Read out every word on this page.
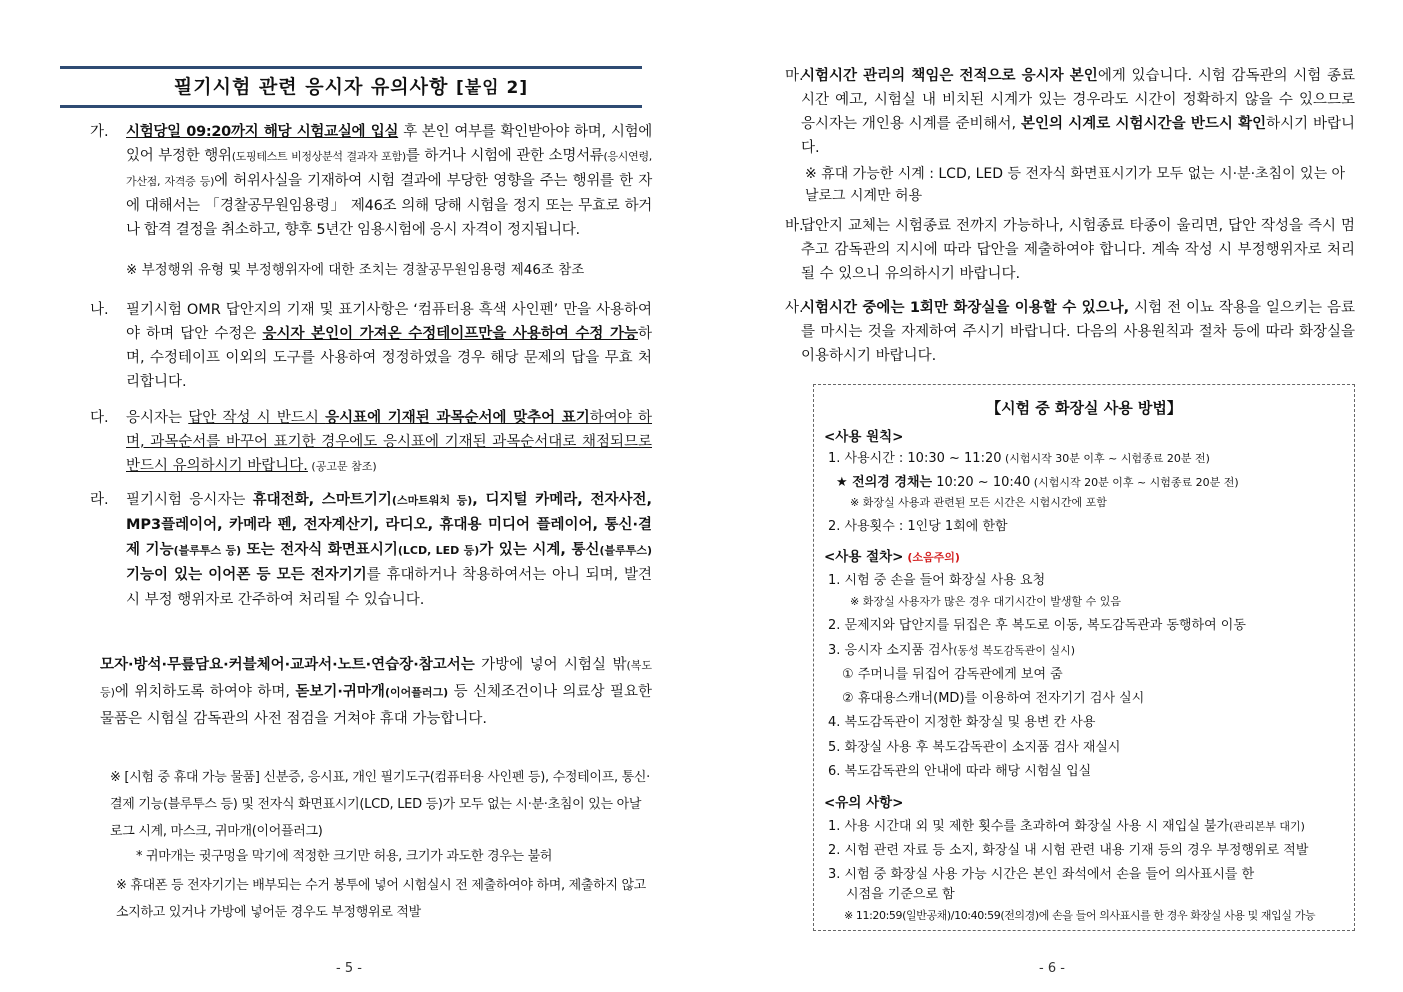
필기시험 관련 응시자 유의사항 [붙임 2]
가. 시험당일 09:20까지 해당 시험교실에 입실 후 본인 여부를 확인받아야 하며, 시험에 있어 부정한 행위(도핑테스트 비정상분석 결과자 포함)를 하거나 시험에 관한 소명서류(응시연령, 가산점, 자격증 등)에 허위사실을 기재하여 시험 결과에 부당한 영향을 주는 행위를 한 자에 대해서는 「경찰공무원임용령」 제46조 의해 당해 시험을 정지 또는 무효로 하거나 합격 결정을 취소하고, 향후 5년간 임용시험에 응시 자격이 정지됩니다.
※ 부정행위 유형 및 부정행위자에 대한 조치는 경찰공무원임용령 제46조 참조
나. 필기시험 OMR 답안지의 기재 및 표기사항은 ‘컴퓨터용 흑색 사인펜’ 만을 사용하여야 하며 답안 수정은 응시자 본인이 가져온 수정테이프만을 사용하여 수정 가능하며, 수정테이프 이외의 도구를 사용하여 정정하였을 경우 해당 문제의 답을 무효 처리합니다.
다. 응시자는 답안 작성 시 반드시 응시표에 기재된 과목순서에 맞추어 표기하여야 하며, 과목순서를 바꾸어 표기한 경우에도 응시표에 기재된 과목순서대로 채점되므로 반드시 유의하시기 바랍니다. (공고문 참조)
라. 필기시험 응시자는 휴대전화, 스마트기기(스마트워치 등), 디지털 카메라, 전자사전, MP3플레이어, 카메라 펜, 전자계산기, 라디오, 휴대용 미디어 플레이어, 통신·결제 기능(블루투스 등) 또는 전자식 화면표시기(LCD, LED 등)가 있는 시계, 통신(블루투스) 기능이 있는 이어폰 등 모든 전자기기를 휴대하거나 착용하여서는 아니 되며, 발견 시 부정 행위자로 간주하여 처리될 수 있습니다.
모자·방석·무릎담요·커블체어·교과서·노트·연습장·참고서는 가방에 넣어 시험실 밖(복도 등)에 위치하도록 하여야 하며, 돋보기·귀마개(이어플러그) 등 신체조건이나 의료상 필요한 물품은 시험실 감독관의 사전 점검을 거쳐야 휴대 가능합니다.
※ [시험 중 휴대 가능 물품] 신분증, 응시표, 개인 필기도구(컴퓨터용 사인펜 등), 수정테이프, 통신·결제 기능(블루투스 등) 및 전자식 화면표시기(LCD, LED 등)가 모두 없는 시·분·초침이 있는 아날로그 시계, 마스크, 귀마개(이어플러그)
* 귀마개는 귓구멍을 막기에 적정한 크기만 허용, 크기가 과도한 경우는 불허
※ 휴대폰 등 전자기기는 배부되는 수거 봉투에 넣어 시험실시 전 제출하여야 하며, 제출하지 않고 소지하고 있거나 가방에 넣어둔 경우도 부정행위로 적발
- 5 -
마.
시험시간 관리의 책임은 전적으로 응시자 본인에게 있습니다. 시험 감독관의 시험 종료시간 예고, 시험실 내 비치된 시계가 있는 경우라도 시간이 정확하지 않을 수 있으므로 응시자는 개인용 시계를 준비해서, 본인의 시계로 시험시간을 반드시 확인하시기 바랍니다.
※ 휴대 가능한 시계 : LCD, LED 등 전자식 화면표시기가 모두 없는 시·분·초침이 있는 아날로그 시계만 허용
바.
답안지 교체는 시험종료 전까지 가능하나, 시험종료 타종이 울리면, 답안 작성을 즉시 멈추고 감독관의 지시에 따라 답안을 제출하여야 합니다. 계속 작성 시 부정행위자로 처리될 수 있으니 유의하시기 바랍니다.
사.
시험시간 중에는 1회만 화장실을 이용할 수 있으나, 시험 전 이뇨 작용을 일으키는 음료를 마시는 것을 자제하여 주시기 바랍니다. 다음의 사용원칙과 절차 등에 따라 화장실을 이용하시기 바랍니다.
【시험 중 화장실 사용 방법】
<사용 원칙>
1. 사용시간 : 10:30 ~ 11:20 (시험시작 30분 이후 ~ 시험종료 20분 전)
★ 전의경 경채는 10:20 ~ 10:40 (시험시작 20분 이후 ~ 시험종료 20분 전)
※ 화장실 사용과 관련된 모든 시간은 시험시간에 포함
2. 사용횟수 : 1인당 1회에 한함
<사용 절차> (소음주의)
1. 시험 중 손을 들어 화장실 사용 요청
※ 화장실 사용자가 많은 경우 대기시간이 발생할 수 있음
2. 문제지와 답안지를 뒤집은 후 복도로 이동, 복도감독관과 동행하여 이동
3. 응시자 소지품 검사(동성 복도감독관이 실시)
① 주머니를 뒤집어 감독관에게 보여 줌
② 휴대용스캐너(MD)를 이용하여 전자기기 검사 실시
4. 복도감독관이 지정한 화장실 및 용변 칸 사용
5. 화장실 사용 후 복도감독관이 소지품 검사 재실시
6. 복도감독관의 안내에 따라 해당 시험실 입실
<유의 사항>
1. 사용 시간대 외 및 제한 횟수를 초과하여 화장실 사용 시 재입실 불가(관리본부 대기)
2. 시험 관련 자료 등 소지, 화장실 내 시험 관련 내용 기재 등의 경우 부정행위로 적발
3. 시험 중 화장실 사용 가능 시간은 본인 좌석에서 손을 들어 의사표시를 한
시점을 기준으로 함
※ 11:20:59(일반공채)/10:40:59(전의경)에 손을 들어 의사표시를 한 경우 화장실 사용 및 재입실 가능
- 6 -
